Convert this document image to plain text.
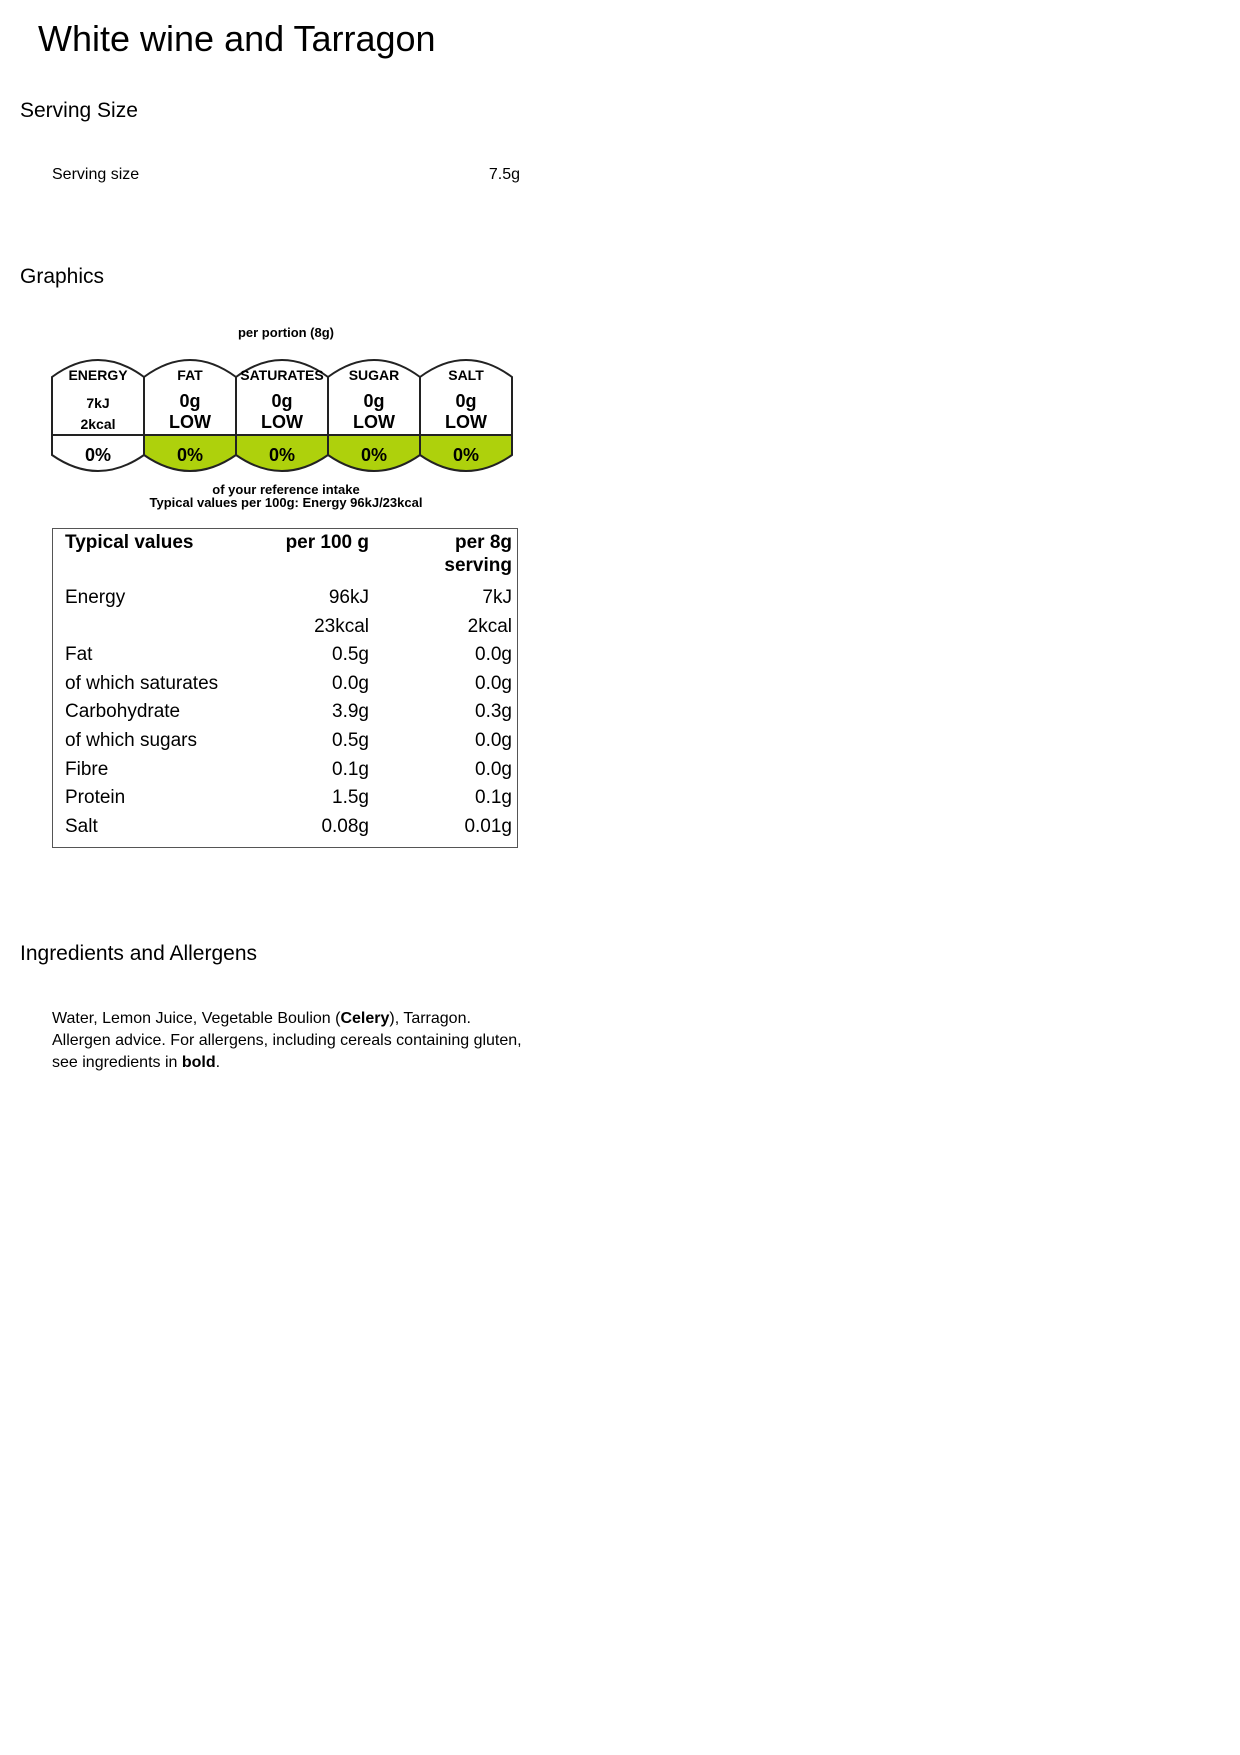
White wine and Tarragon
Serving Size
Serving size	7.5g
Graphics
per portion (8g)
ENERGY
7kJ
2kcal
0%
FAT
0g
LOW
0%
SATURATES
0g
LOW
0%
SUGAR
0g
LOW
0%
SALT
0g
LOW
0%
of your reference intake
Typical values per 100g: Energy 96kJ/23kcal
Typical values	per 100 g	per 8g
serving
Energy	96kJ	7kJ
23kcal	2kcal
Fat	0.5g	0.0g
of which saturates	0.0g	0.0g
Carbohydrate	3.9g	0.3g
of which sugars	0.5g	0.0g
Fibre	0.1g	0.0g
Protein	1.5g	0.1g
Salt	0.08g	0.01g
Ingredients and Allergens

Water, Lemon Juice, Vegetable Boulion (Celery), Tarragon. Allergen advice. For allergens, including cereals containing gluten, see ingredients in bold.
